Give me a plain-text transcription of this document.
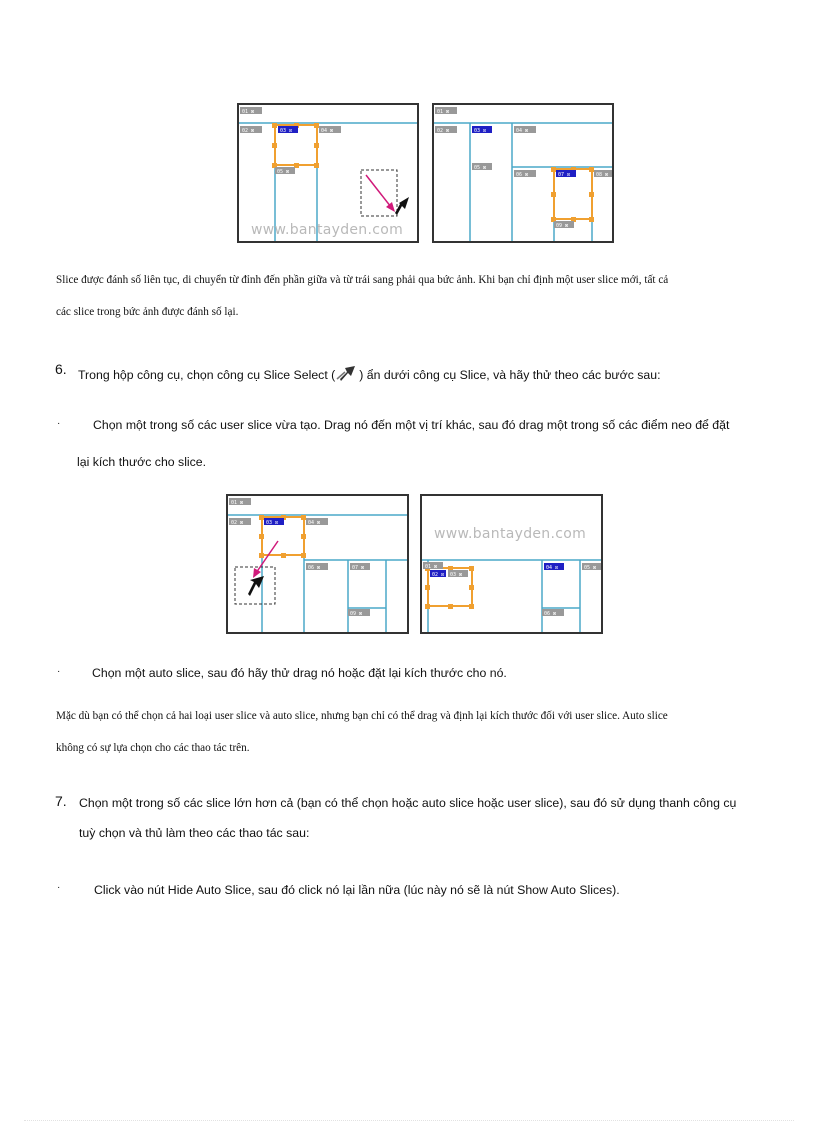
01 ⊠
02 ⊠	03 ⊡	04 ⊠
05 ⊠
www.bantayden.com
01 ⊠
02 ⊠	03 ⊡	04 ⊠
05 ⊠
06 ⊠	07 ⊡	08 ⊠
09 ⊠
Slice được đánh số liên tục, di chuyển từ đỉnh đến phần giữa và từ trái sang phải qua bức ảnh. Khi bạn chỉ định một user slice mới, tất cả
các slice trong bức ảnh được đánh số lại.
6. Trong hộp công cụ, chọn công cụ Slice Select ( ) ẩn dưới công cụ Slice, và hãy thử theo các bước sau:
·	Chọn một trong số các user slice vừa tạo. Drag nó đến một vị trí khác, sau đó drag một trong số các điểm neo để đặt
lại kích thước cho slice.
01 ⊠
02 ⊠	03 ⊡	04 ⊠
06 ⊠	07 ⊠
09 ⊠
01 ⊠
02 ⊡ 03 ⊠
04 ⊡	05 ⊠
06 ⊠
www.bantayden.com
·	Chọn một auto slice, sau đó hãy thử drag nó hoặc đặt lại kích thước cho nó.
Mặc dù bạn có thể chọn cả hai loại user slice và auto slice, nhưng bạn chỉ có thể drag và định lại kích thước đối với user slice. Auto slice
không có sự lựa chọn cho các thao tác trên.
7. Chọn một trong số các slice lớn hơn cả (bạn có thể chọn hoặc auto slice hoặc user slice), sau đó sử dụng thanh công cụ
tuỳ chọn và thủ làm theo các thao tác sau:
·	Click vào nút Hide Auto Slice, sau đó click nó lại lần nữa (lúc này nó sẽ là nút Show Auto Slices).
